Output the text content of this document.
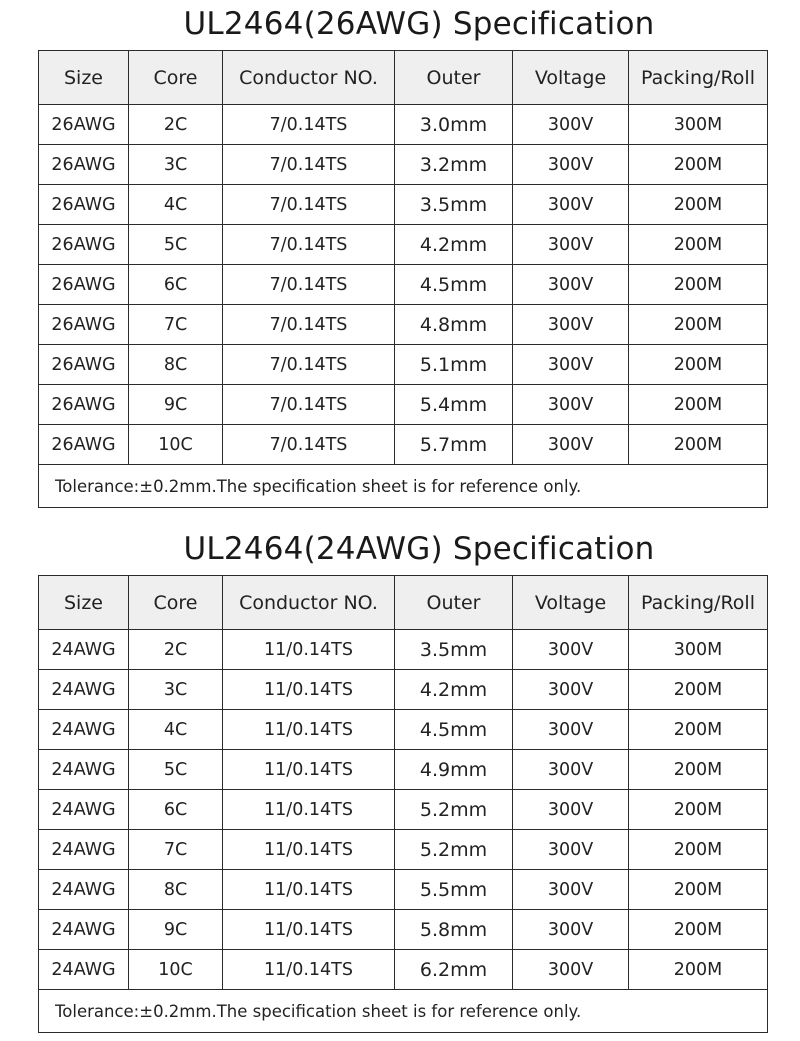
UL2464(26AWG) Specification
Size	Core	Conductor NO.	Outer	Voltage	Packing/Roll
26AWG	2C	7/0.14TS	3.0mm	300V	300M
26AWG	3C	7/0.14TS	3.2mm	300V	200M
26AWG	4C	7/0.14TS	3.5mm	300V	200M
26AWG	5C	7/0.14TS	4.2mm	300V	200M
26AWG	6C	7/0.14TS	4.5mm	300V	200M
26AWG	7C	7/0.14TS	4.8mm	300V	200M
26AWG	8C	7/0.14TS	5.1mm	300V	200M
26AWG	9C	7/0.14TS	5.4mm	300V	200M
26AWG	10C	7/0.14TS	5.7mm	300V	200M
Tolerance:±0.2mm.The specification sheet is for reference only.					
UL2464(24AWG) Specification
Size	Core	Conductor NO.	Outer	Voltage	Packing/Roll
24AWG	2C	11/0.14TS	3.5mm	300V	300M
24AWG	3C	11/0.14TS	4.2mm	300V	200M
24AWG	4C	11/0.14TS	4.5mm	300V	200M
24AWG	5C	11/0.14TS	4.9mm	300V	200M
24AWG	6C	11/0.14TS	5.2mm	300V	200M
24AWG	7C	11/0.14TS	5.2mm	300V	200M
24AWG	8C	11/0.14TS	5.5mm	300V	200M
24AWG	9C	11/0.14TS	5.8mm	300V	200M
24AWG	10C	11/0.14TS	6.2mm	300V	200M
Tolerance:±0.2mm.The specification sheet is for reference only.					
